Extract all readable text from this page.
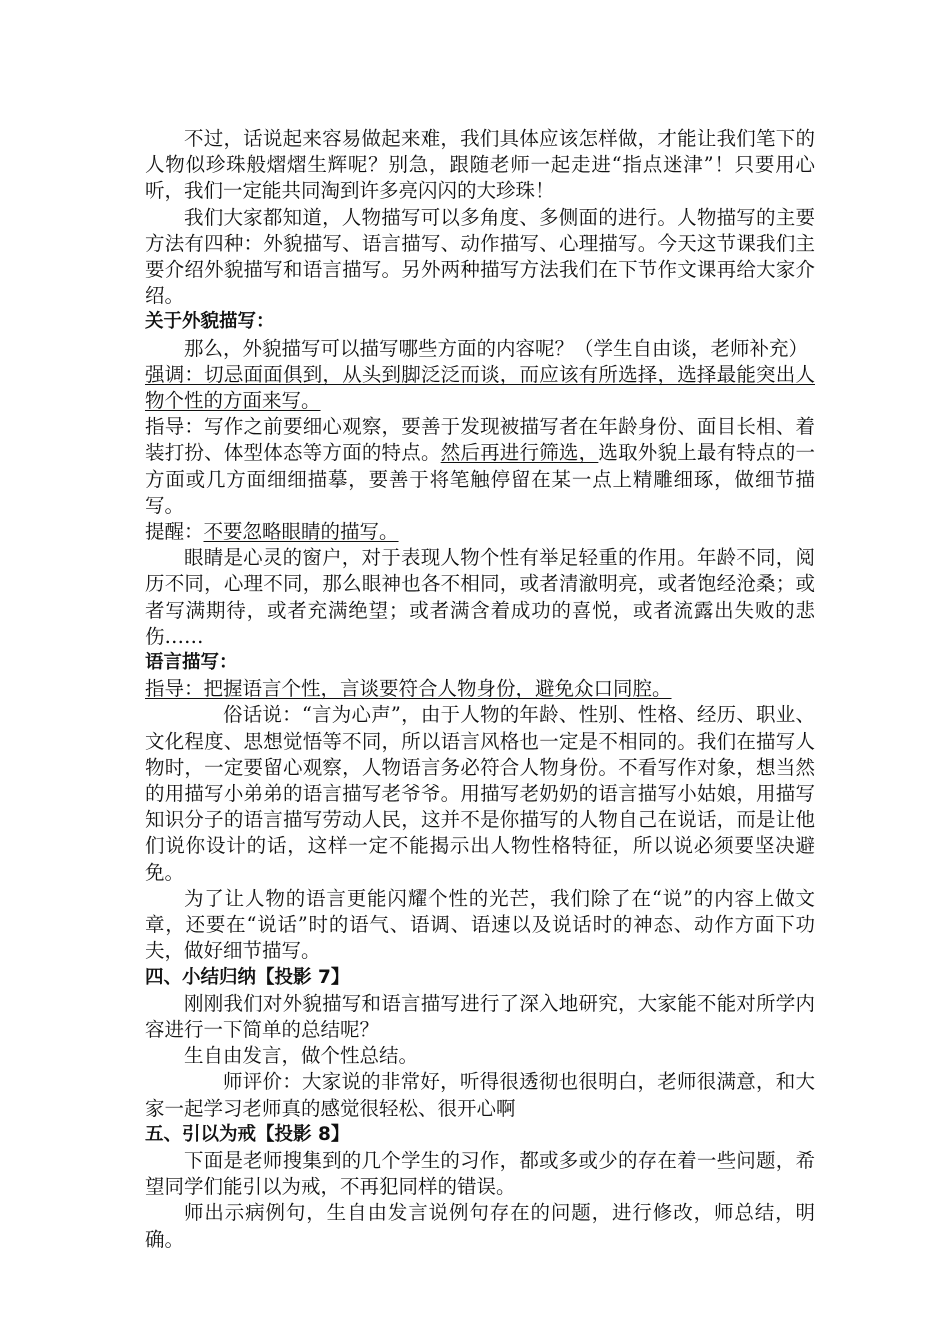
不过，话说起来容易做起来难，我们具体应该怎样做，才能让我们笔下的人物似珍珠般熠熠生辉呢？别急，跟随老师一起走进“指点迷津”！只要用心听，我们一定能共同淘到许多亮闪闪的大珍珠！

我们大家都知道，人物描写可以多角度、多侧面的进行。人物描写的主要方法有四种：外貌描写、语言描写、动作描写、心理描写。今天这节课我们主要介绍外貌描写和语言描写。另外两种描写方法我们在下节作文课再给大家介绍。

关于外貌描写：

那么，外貌描写可以描写哪些方面的内容呢？（学生自由谈，老师补充）

强调：切忌面面俱到，从头到脚泛泛而谈，而应该有所选择，选择最能突出人物个性的方面来写。

指导：写作之前要细心观察，要善于发现被描写者在年龄身份、面目长相、着装打扮、体型体态等方面的特点。然后再进行筛选，选取外貌上最有特点的一方面或几方面细细描摹，要善于将笔触停留在某一点上精雕细琢，做细节描写。

提醒：不要忽略眼睛的描写。

眼睛是心灵的窗户，对于表现人物个性有举足轻重的作用。年龄不同，阅历不同，心理不同，那么眼神也各不相同，或者清澈明亮，或者饱经沧桑；或者写满期待，或者充满绝望；或者满含着成功的喜悦，或者流露出失败的悲伤……

语言描写：

指导：把握语言个性，言谈要符合人物身份，避免众口同腔。

俗话说：“言为心声”，由于人物的年龄、性别、性格、经历、职业、文化程度、思想觉悟等不同，所以语言风格也一定是不相同的。我们在描写人物时，一定要留心观察，人物语言务必符合人物身份。不看写作对象，想当然的用描写小弟弟的语言描写老爷爷。用描写老奶奶的语言描写小姑娘，用描写知识分子的语言描写劳动人民，这并不是你描写的人物自己在说话，而是让他们说你设计的话，这样一定不能揭示出人物性格特征，所以说必须要坚决避免。

为了让人物的语言更能闪耀个性的光芒，我们除了在“说”的内容上做文章，还要在“说话”时的语气、语调、语速以及说话时的神态、动作方面下功夫，做好细节描写。

四、小结归纳【投影 7】

刚刚我们对外貌描写和语言描写进行了深入地研究，大家能不能对所学内容进行一下简单的总结呢？

生自由发言，做个性总结。

师评价：大家说的非常好，听得很透彻也很明白，老师很满意，和大家一起学习老师真的感觉很轻松、很开心啊

五、引以为戒【投影 8】

下面是老师搜集到的几个学生的习作，都或多或少的存在着一些问题，希望同学们能引以为戒，不再犯同样的错误。

师出示病例句，生自由发言说例句存在的问题，进行修改，师总结，明确。
